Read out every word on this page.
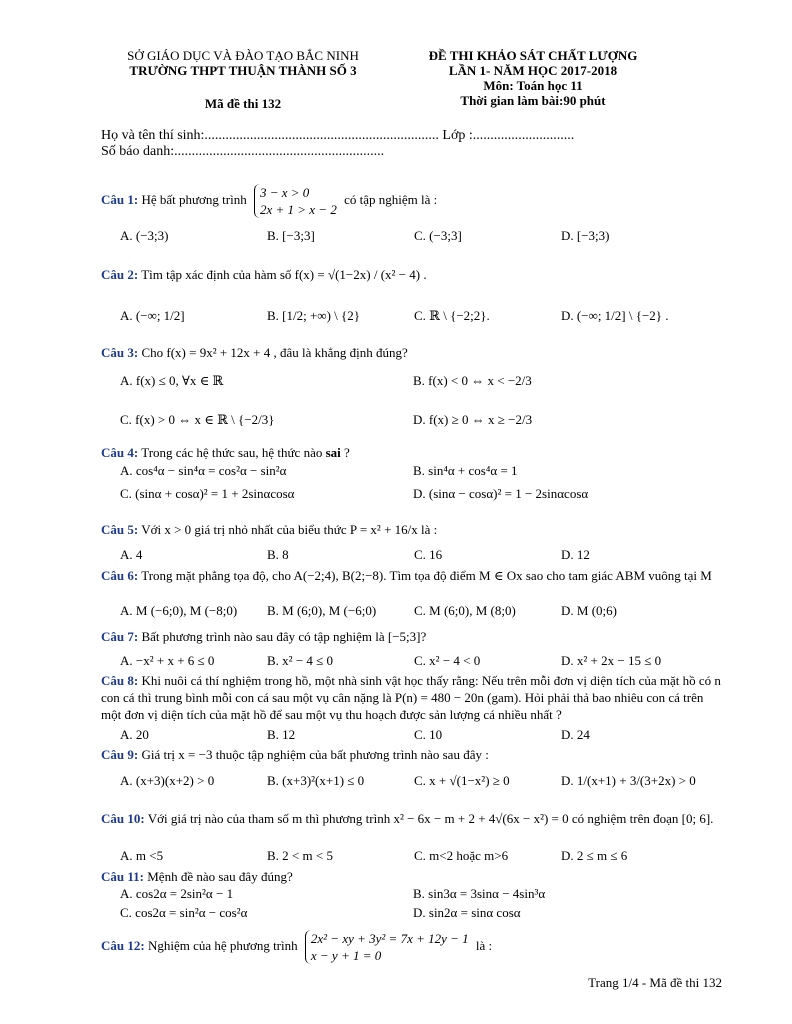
SỞ GIÁO DỤC VÀ ĐÀO TẠO BẮC NINH
TRƯỜNG THPT THUẬN THÀNH SỐ 3
Mã đề thi 132
ĐỀ THI KHẢO SÁT CHẤT LƯỢNG
LẦN 1- NĂM HỌC 2017-2018
Môn: Toán học 11
Thời gian làm bài:90 phút
Họ và tên thí sinh:................................................................... Lớp :.............................
Số báo danh:............................................................
Câu 1: Hệ bất phương trình 3 − x > 0
2x + 1 > x − 2 có tập nghiệm là :
A. (−3;3)	B. [−3;3]	C. (−3;3]	D. [−3;3)
Câu 2: Tìm tập xác định của hàm số f(x) = √(1−2x) / (x² − 4) .
A. (−∞; 1/2]	B. [1/2; +∞) \ {2}	C. ℝ \ {−2;2}.	D. (−∞; 1/2] \ {−2} .
Câu 3: Cho f(x) = 9x² + 12x + 4 , đâu là khẳng định đúng?
A. f(x) ≤ 0, ∀x ∈ ℝ	B. f(x) < 0 ⇔ x < −2/3
C. f(x) > 0 ⇔ x ∈ ℝ \ {−2/3}	D. f(x) ≥ 0 ⇔ x ≥ −2/3
Câu 4: Trong các hệ thức sau, hệ thức nào sai ?
A. cos⁴α − sin⁴α = cos²α − sin²α	B. sin⁴α + cos⁴α = 1
C. (sinα + cosα)² = 1 + 2sinαcosα	D. (sinα − cosα)² = 1 − 2sinαcosα
Câu 5: Với x > 0 giá trị nhỏ nhất của biểu thức P = x² + 16/x là :
A. 4	B. 8	C. 16	D. 12
Câu 6: Trong mặt phẳng tọa độ, cho A(−2;4), B(2;−8). Tìm tọa độ điểm M ∈ Ox sao cho tam giác ABM vuông tại M
A. M (−6;0), M (−8;0) B. M (6;0), M (−6;0)	C. M (6;0), M (8;0)	D. M (0;6)
Câu 7: Bất phương trình nào sau đây có tập nghiệm là [−5;3]?
A. −x² + x + 6 ≤ 0	B. x² − 4 ≤ 0	C. x² − 4 < 0	D. x² + 2x − 15 ≤ 0
Câu 8: Khi nuôi cá thí nghiệm trong hồ, một nhà sinh vật học thấy rằng: Nếu trên mỗi đơn vị diện tích của mặt hồ có n con cá thì trung bình mỗi con cá sau một vụ cân nặng là P(n) = 480 − 20n (gam). Hỏi phải thả bao nhiêu con cá trên một đơn vị diện tích của mặt hồ để sau một vụ thu hoạch được sản lượng cá nhiều nhất ?
A. 20	B. 12	C. 10	D. 24
Câu 9: Giá trị x = −3 thuộc tập nghiệm của bất phương trình nào sau đây :
A. (x+3)(x+2) > 0	B. (x+3)²(x+1) ≤ 0	C. x + √(1−x²) ≥ 0	D. 1/(x+1) + 3/(3+2x) > 0
Câu 10: Với giá trị nào của tham số m thì phương trình x² − 6x − m + 2 + 4√(6x − x²) = 0 có nghiệm trên đoạn [0; 6].
A. m <5	B. 2 < m < 5	C. m<2 hoặc m>6	D. 2 ≤ m ≤ 6
Câu 11: Mệnh đề nào sau đây đúng?
A. cos2α = 2sin²α − 1	B. sin3α = 3sinα − 4sin³α
C. cos2α = sin²α − cos²α	D. sin2α = sinα cosα
Câu 12: Nghiệm của hệ phương trình 2x² − xy + 3y² = 7x + 12y − 1
x − y + 1 = 0 là :
Trang 1/4 - Mã đề thi 132
